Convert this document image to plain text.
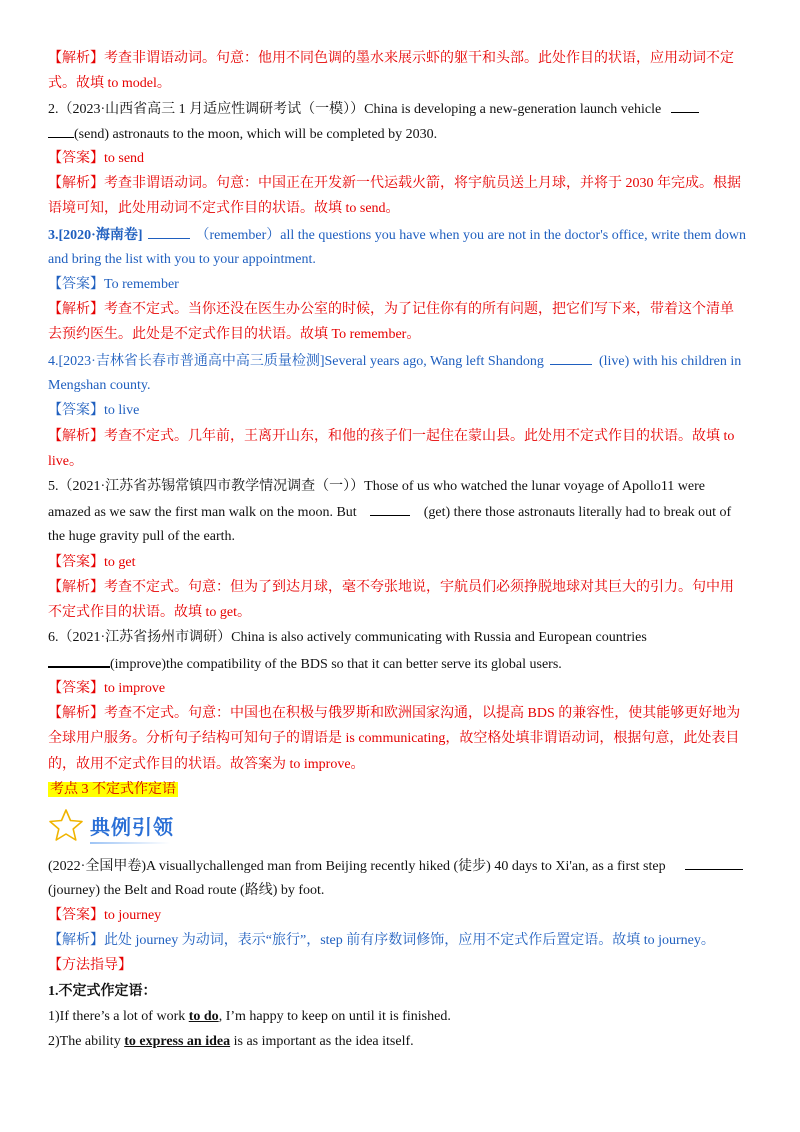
【解析】考查非谓语动词。句意：他用不同色调的墨水来展示虾的躯干和头部。此处作目的状语，应用动词不定
式。故填 to model。
2.（2023·山西省高三 1 月适应性调研考试（一模））China is developing a new-generation launch vehicle
(send) astronauts to the moon, which will be completed by 2030.
【答案】to send
【解析】考查非谓语动词。句意：中国正在开发新一代运载火箭，将宇航员送上月球，并将于 2030 年完成。根据
语境可知，此处用动词不定式作目的状语。故填 to send。
3.[2020·海南卷]	（remember）all the questions you have when you are not in the doctor's office, write them down
and bring the list with you to your appointment.
【答案】To remember
【解析】考查不定式。当你还没在医生办公室的时候，为了记住你有的所有问题，把它们写下来，带着这个清单
去预约医生。此处是不定式作目的状语。故填 To remember。
4.[2023·吉林省长春市普通高中高三质量检测]Several years ago, Wang left Shandong	(live) with his children in
Mengshan county.
【答案】to live
【解析】考查不定式。几年前，王离开山东，和他的孩子们一起住在蒙山县。此处用不定式作目的状语。故填 to
live。
5.（2021·江苏省苏锡常镇四市教学情况调查（一））Those of us who watched the lunar voyage of Apollo11 were
amazed as we saw the first man walk on the moon. But	(get) there those astronauts literally had to break out of
the huge gravity pull of the earth.
【答案】to get
【解析】考查不定式。句意：但为了到达月球，毫不夸张地说，宇航员们必须挣脱地球对其巨大的引力。句中用
不定式作目的状语。故填 to get。
6.（2021·江苏省扬州市调研）China is also actively communicating with Russia and European countries
(improve)the compatibility of the BDS so that it can better serve its global users.
【答案】to improve
【解析】考查不定式。句意：中国也在积极与俄罗斯和欧洲国家沟通，以提高 BDS 的兼容性，使其能够更好地为
全球用户服务。分析句子结构可知句子的谓语是 is communicating，故空格处填非谓语动词，根据句意，此处表目
的，故用不定式作目的状语。故答案为 to improve。
考点 3 不定式作定语
典例引领
(2022·全国甲卷)A visuallychallenged man from Beijing recently hiked (徒步) 40 days to Xi'an, as a first step
(journey) the Belt and Road route (路线) by foot.
【答案】to journey
【解析】此处 journey 为动词，表示“旅行”，step 前有序数词修饰，应用不定式作后置定语。故填 to journey。
【方法指导】
1.不定式作定语：
1)If there’s a lot of work to do, I’m happy to keep on until it is finished.
2)The ability to express an idea is as important as the idea itself.
